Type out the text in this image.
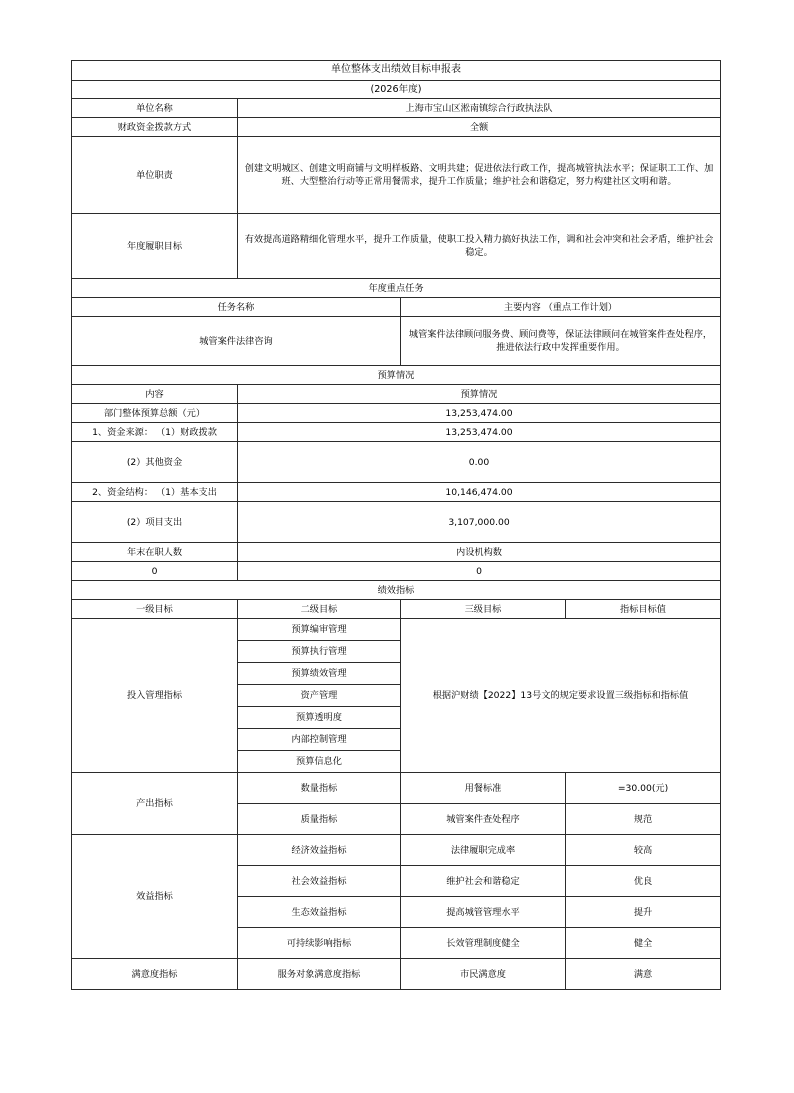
单位整体支出绩效目标申报表			
(2026年度)			
单位名称	上海市宝山区淞南镇综合行政执法队		
财政资金拨款方式	全额		
单位职责	创建文明城区、创建文明商铺与文明样板路、文明共建；促进依法行政工作，提高城管执法水平；保证职工工作、加班、大型整治行动等正常用餐需求，提升工作质量；维护社会和谐稳定，努力构建社区文明和谐。		
年度履职目标	有效提高道路精细化管理水平，提升工作质量，使职工投入精力搞好执法工作，调和社会冲突和社会矛盾，维护社会稳定。		
年度重点任务			
任务名称		主要内容 （重点工作计划）	
城管案件法律咨询		城管案件法律顾问服务费、顾问费等，保证法律顾问在城管案件查处程序，推进依法行政中发挥重要作用。	
预算情况			
内容	预算情况		
部门整体预算总额（元）	13,253,474.00		
1、资金来源： （1）财政拨款	13,253,474.00		
(2）其他资金	0.00		
2、资金结构： （1）基本支出	10,146,474.00		
(2）项目支出	3,107,000.00		
年末在职人数	内设机构数		
0	0		
绩效指标			
一级目标	二级目标	三级目标	指标目标值
投入管理指标	预算编审管理	根据沪财绩【2022】13号文的规定要求设置三级指标和指标值	
	预算执行管理		
	预算绩效管理		
	资产管理		
	预算透明度		
	内部控制管理		
	预算信息化		
产出指标	数量指标	用餐标准	=30.00(元)
	质量指标	城管案件查处程序	规范
效益指标	经济效益指标	法律履职完成率	较高
	社会效益指标	维护社会和谐稳定	优良
	生态效益指标	提高城管管理水平	提升
	可持续影响指标	长效管理制度健全	健全
满意度指标	服务对象满意度指标	市民满意度	满意
